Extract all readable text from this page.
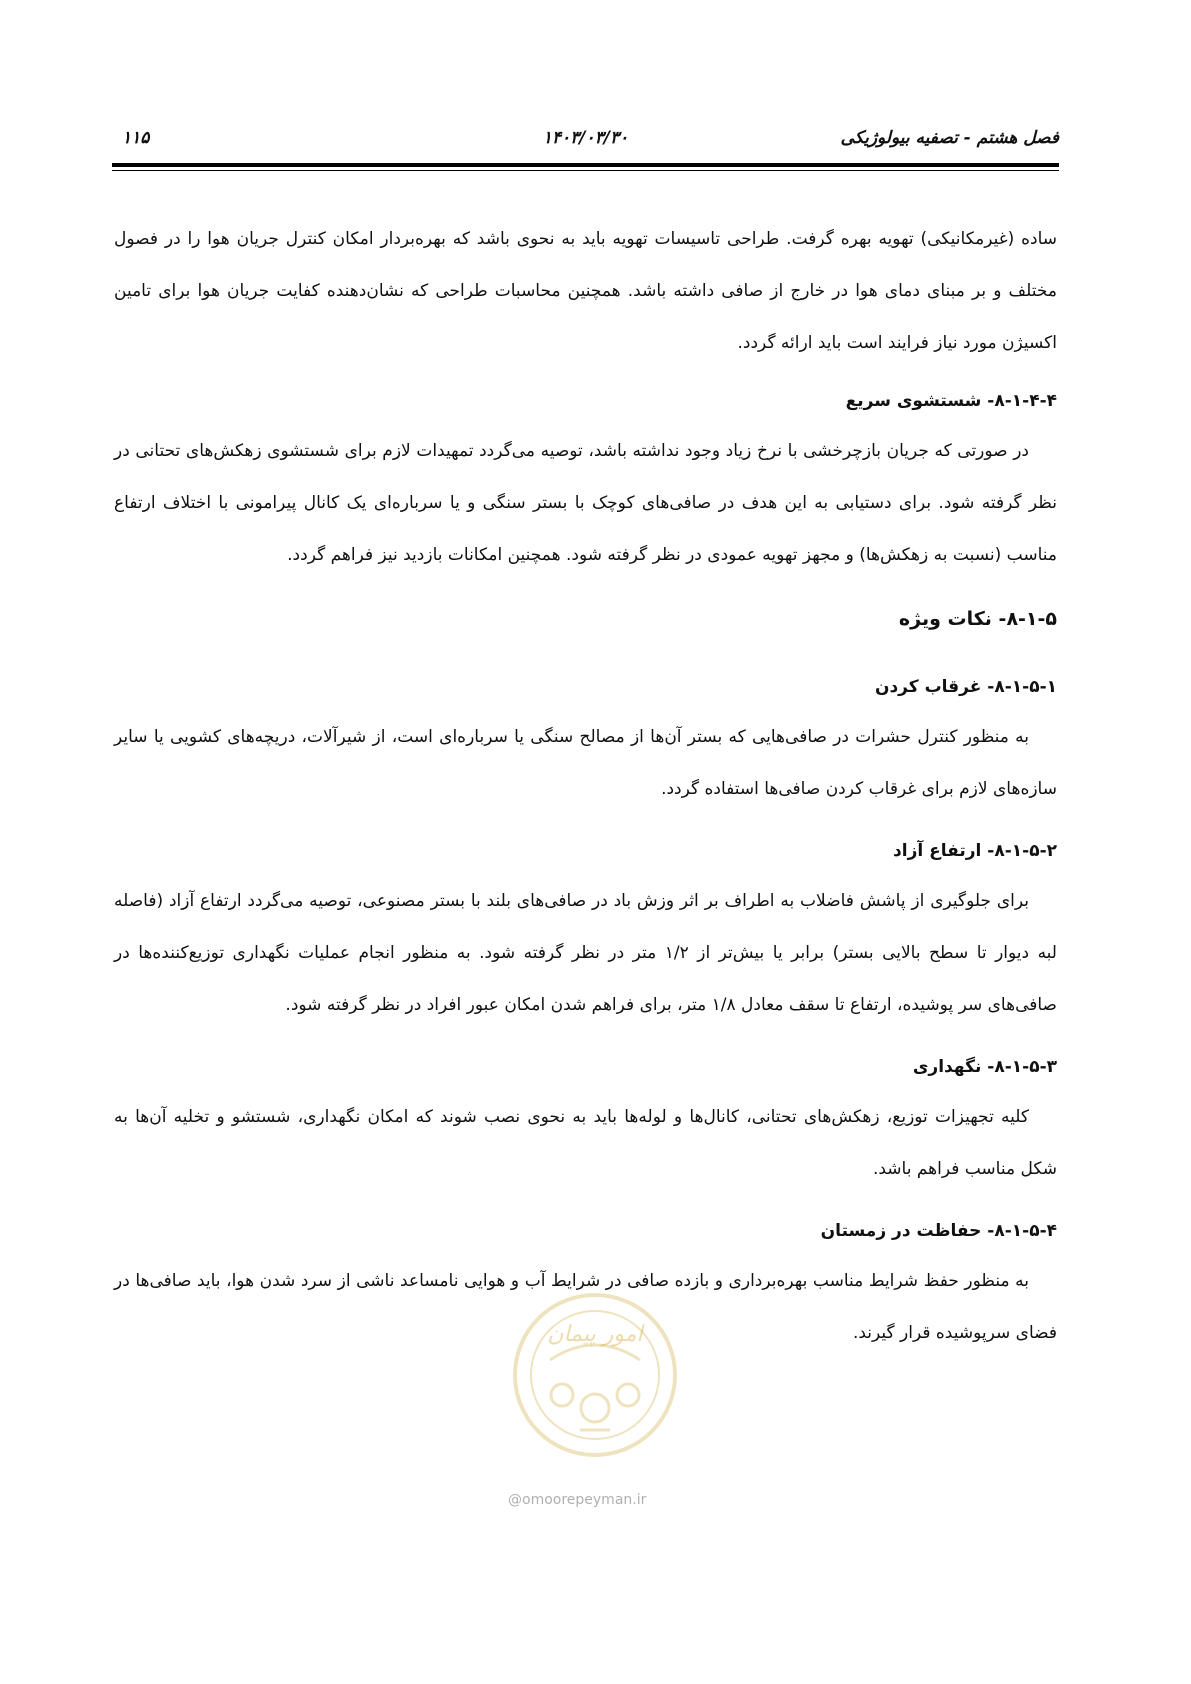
فصل هشتم - تصفیه بیولوژیکی
۱۴۰۳/۰۳/۳۰
۱۱۵

ساده (غیرمکانیکی) تهویه بهره گرفت. طراحی تاسیسات تهویه باید به نحوی باشد که بهره‌بردار امکان کنترل جریان هوا را در فصول مختلف و بر مبنای دمای هوا در خارج از صافی داشته باشد. همچنین محاسبات طراحی که نشان‌دهنده کفایت جریان هوا برای تامین اکسیژن مورد نیاز فرایند است باید ارائه گردد.

۸-۱-۴-۴- شستشوی سریع

در صورتی که جریان بازچرخشی با نرخ زیاد وجود نداشته باشد، توصیه می‌گردد تمهیدات لازم برای شستشوی زهکش‌های تحتانی در نظر گرفته شود. برای دستیابی به این هدف در صافی‌های کوچک با بستر سنگی و یا سرباره‌ای یک کانال پیرامونی با اختلاف ارتفاع مناسب (نسبت به زهکش‌ها) و مجهز تهویه عمودی در نظر گرفته شود. همچنین امکانات بازدید نیز فراهم گردد.

۸-۱-۵- نکات ویژه
۸-۱-۵-۱- غرقاب کردن

به منظور کنترل حشرات در صافی‌هایی که بستر آن‌ها از مصالح سنگی یا سرباره‌ای است، از شیرآلات، دریچه‌های کشویی یا سایر سازه‌های لازم برای غرقاب کردن صافی‌ها استفاده گردد.

۸-۱-۵-۲- ارتفاع آزاد

برای جلوگیری از پاشش فاضلاب به اطراف بر اثر وزش باد در صافی‌های بلند با بستر مصنوعی، توصیه می‌گردد ارتفاع آزاد (فاصله لبه دیوار تا سطح بالایی بستر) برابر یا بیش‌تر از ۱/۲ متر در نظر گرفته شود. به منظور انجام عملیات نگهداری توزیع‌کننده‌ها در صافی‌های سر پوشیده، ارتفاع تا سقف معادل ۱/۸ متر، برای فراهم شدن امکان عبور افراد در نظر گرفته شود.

۸-۱-۵-۳- نگهداری

کلیه تجهیزات توزیع، زهکش‌های تحتانی، کانال‌ها و لوله‌ها باید به نحوی نصب شوند که امکان نگهداری، شستشو و تخلیه آن‌ها به شکل مناسب فراهم باشد.

۸-۱-۵-۴- حفاظت در زمستان

به منظور حفظ شرایط مناسب بهره‌برداری و بازده صافی در شرایط آب و هوایی نامساعد ناشی از سرد شدن هوا، باید صافی‌ها در فضای سرپوشیده قرار گیرند.

امور پیمان
@omoorepeyman.ir
